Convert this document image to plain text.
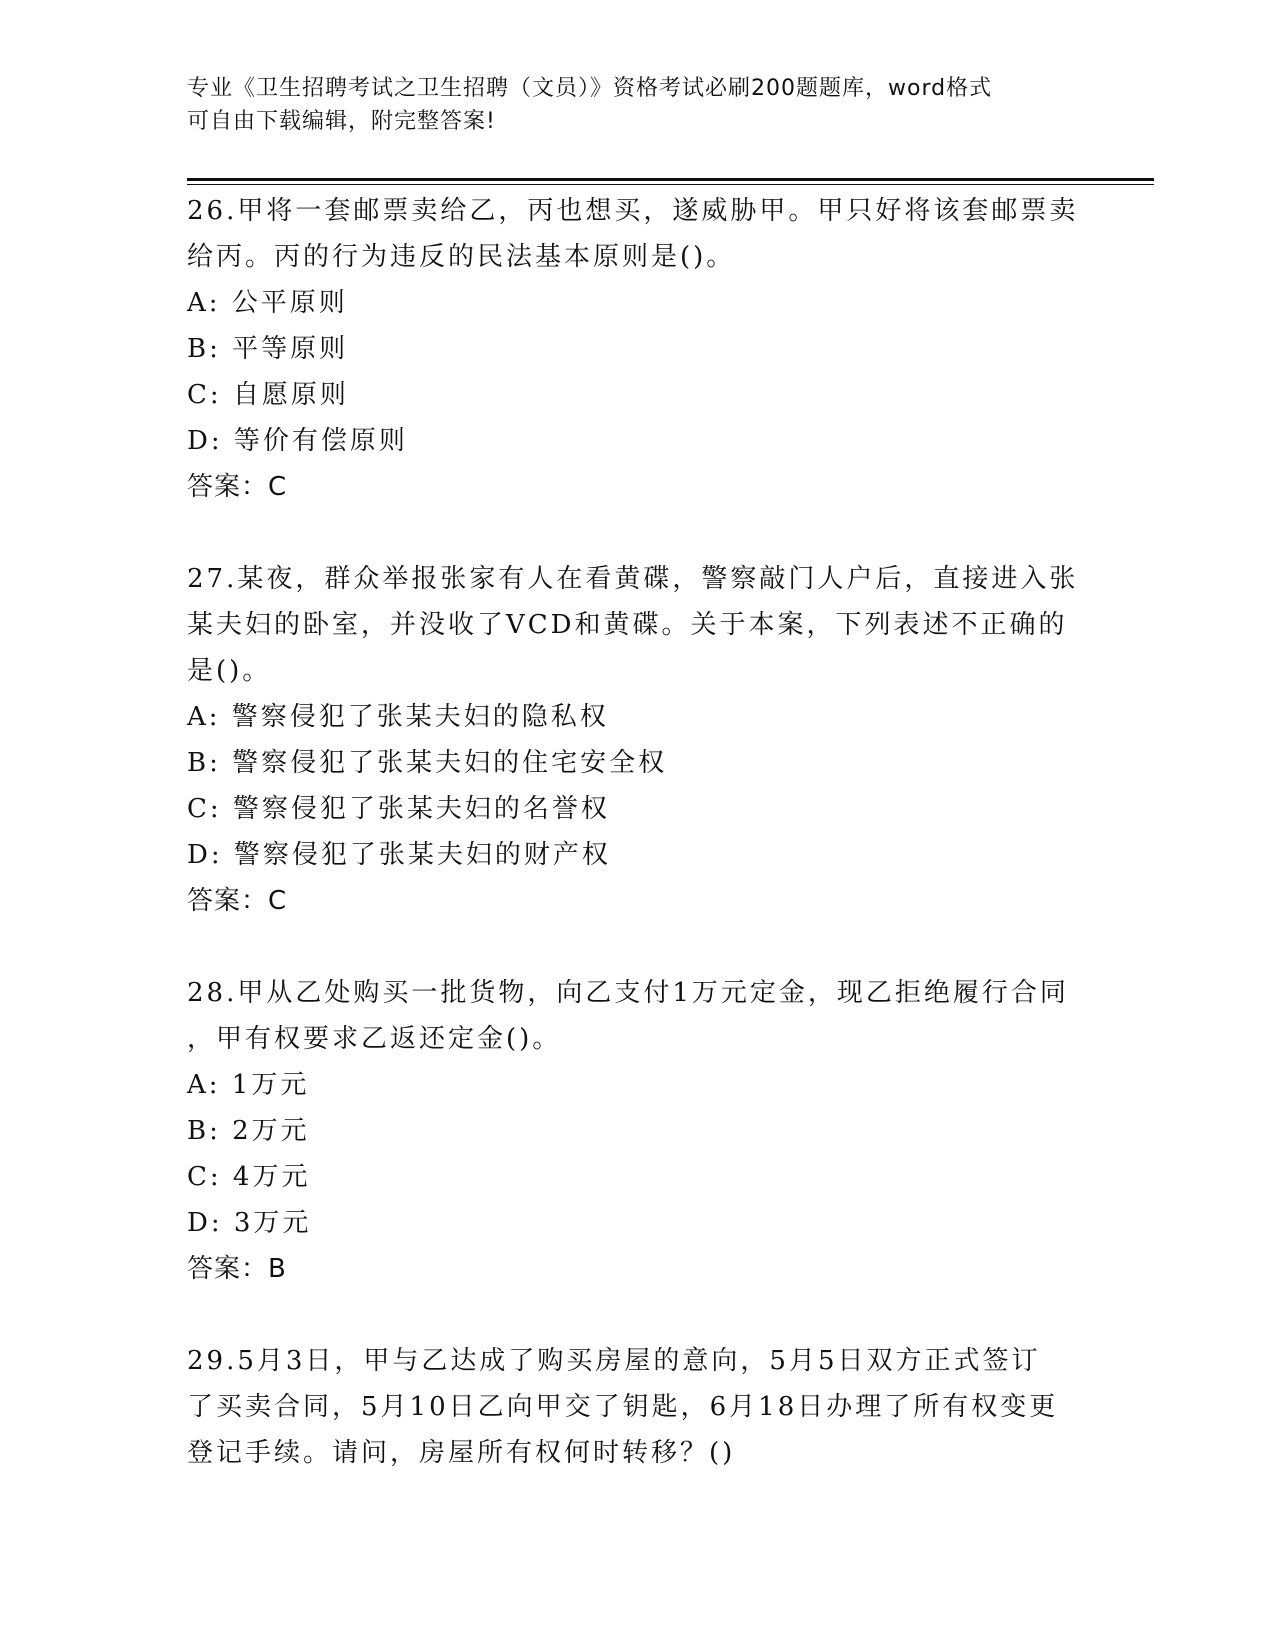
专业《卫生招聘考试之卫生招聘（文员）》资格考试必刷200题题库，word格式
可自由下载编辑，附完整答案!

26.甲将一套邮票卖给乙，丙也想买，遂威胁甲。甲只好将该套邮票卖

给丙。丙的行为违反的民法基本原则是()。

A: 公平原则

B: 平等原则

C: 自愿原则

D: 等价有偿原则

答案：C

27.某夜，群众举报张家有人在看黄碟，警察敲门人户后，直接进入张

某夫妇的卧室，并没收了VCD和黄碟。关于本案，下列表述不正确的

是()。

A: 警察侵犯了张某夫妇的隐私权

B: 警察侵犯了张某夫妇的住宅安全权

C: 警察侵犯了张某夫妇的名誉权

D: 警察侵犯了张某夫妇的财产权

答案：C

28.甲从乙处购买一批货物，向乙支付1万元定金，现乙拒绝履行合同

，甲有权要求乙返还定金()。

A: 1万元

B: 2万元

C: 4万元

D: 3万元

答案：B

29.5月3日，甲与乙达成了购买房屋的意向，5月5日双方正式签订

了买卖合同，5月10日乙向甲交了钥匙，6月18日办理了所有权变更

登记手续。请问，房屋所有权何时转移？()
